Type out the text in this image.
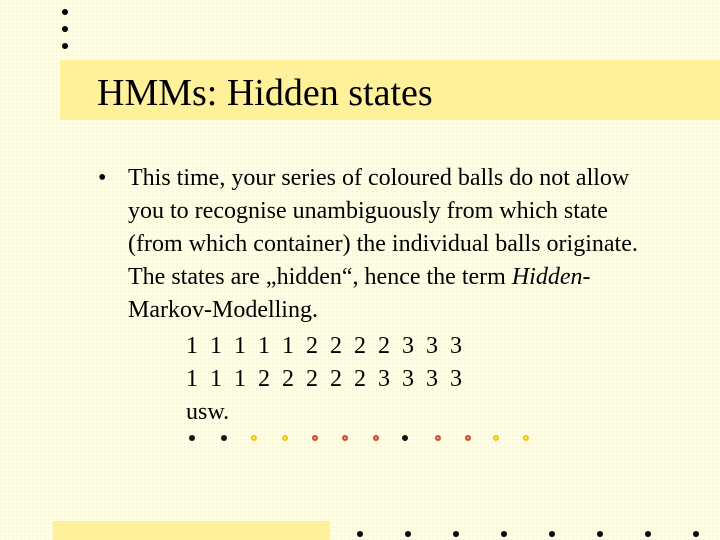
HMMs: Hidden states
• This time, your series of coloured balls do not allow
you to recognise unambiguously from which state
(from which container) the individual balls originate.
The states are „hidden“, hence the term Hidden-
Markov-Modelling.
1  1  1  1  1  2  2  2  2  3  3  3
1  1  1  2  2  2  2  2  3  3  3  3
usw.
